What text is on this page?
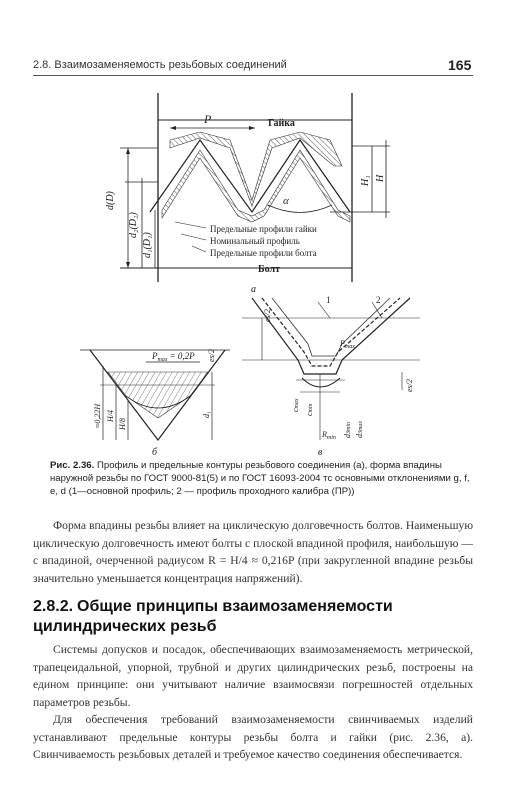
2.8. Взаимозаменяемость резьбовых соединений	165
P	Гайка
d(D)
d₂(D₂)
d₁(D₁)
H₁ H
α
Предельные профили гайки
Номинальный профиль
Предельные профили болта
Болт
а
$P_{max} = 0,2P$ es/2
≈0,22H H/4
H/8
d₁
б
es/2
1	2
$P_{max}$
es/2
cmax
cmin
$R_{min}$ d3min
d3max
в
Рис. 2.36. Профиль и предельные контуры резьбового соединения (а), форма впадины наружной резьбы по ГОСТ 9000-81(5) и по ГОСТ 16093-2004 тс основными отклонениями g, f, e, d (1—основной профиль; 2 — профиль проходного калибра (ПР))
Форма впадины резьбы влияет на циклическую долговечность болтов. Наименьшую циклическую долговечность имеют болты с плоской впадиной профиля, наибольшую — с впадиной, очерченной радиусом R = H/4 ≈ 0,216P (при закругленной впадине резьбы значительно уменьшается концентрация напряжений).
2.8.2. Общие принципы взаимозаменяемости цилиндрических резьб
Системы допусков и посадок, обеспечивающих взаимозаменяемость метрической, трапецеидальной, упорной, трубной и других цилиндрических резьб, построены на едином принципе: они учитывают наличие взаимосвязи погрешностей отдельных параметров резьбы.
Для обеспечения требований взаимозаменяемости свинчиваемых изделий устанавливают предельные контуры резьбы болта и гайки (рис. 2.36, а). Свинчиваемость резьбовых деталей и требуемое качество соединения обеспечивается.
